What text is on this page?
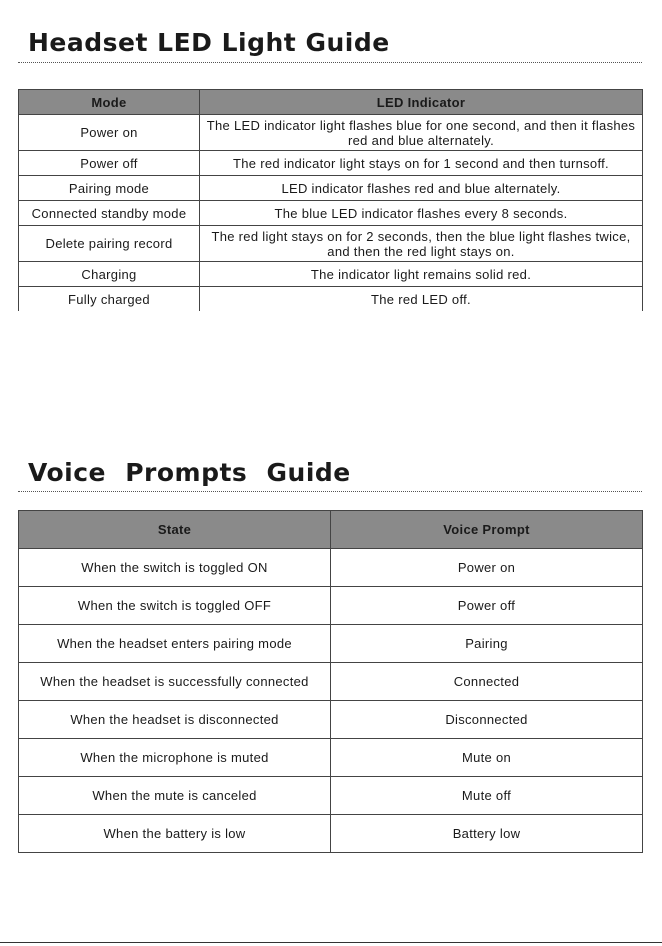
Headset LED Light Guide
Mode	LED Indicator
Power on	The LED indicator light flashes blue for one second, and then it flashes red and blue alternately.
Power off	The red indicator light stays on for 1 second and then turnsoff.
Pairing mode	LED indicator flashes red and blue alternately.
Connected standby mode	The blue LED indicator flashes every 8 seconds.
Delete pairing record	The red light stays on for 2 seconds, then the blue light flashes twice, and then the red light stays on.
Charging	The indicator light remains solid red.
Fully charged	The red LED off.
Voice Prompts Guide
State	Voice Prompt
When the switch is toggled ON	Power on
When the switch is toggled OFF	Power off
When the headset enters pairing mode	Pairing
When the headset is successfully connected	Connected
When the headset is disconnected	Disconnected
When the microphone is muted	Mute on
When the mute is canceled	Mute off
When the battery is low	Battery low
